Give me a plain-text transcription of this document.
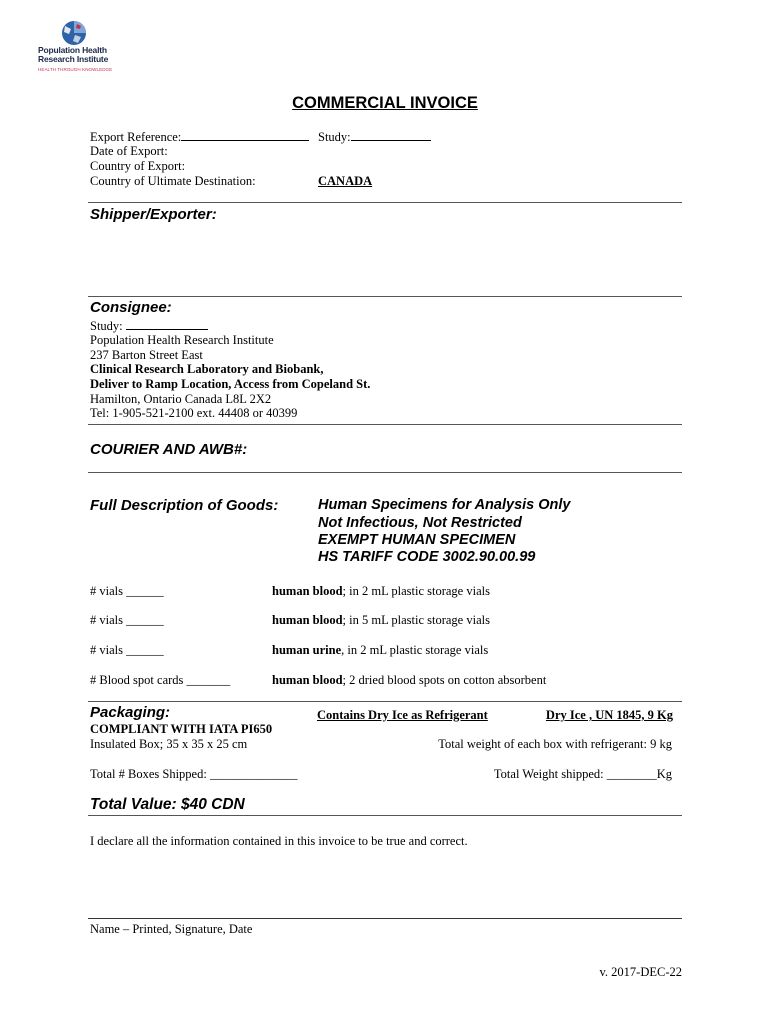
Population Health
Research Institute
HEALTH THROUGH KNOWLEDGE
COMMERCIAL INVOICE
Export Reference:	Study:
Date of Export:
Country of Export:
Country of Ultimate Destination:	CANADA
Shipper/Exporter:
Consignee:
Study:
Population Health Research Institute
237 Barton Street East
Clinical Research Laboratory and Biobank,
Deliver to Ramp Location, Access from Copeland St.
Hamilton, Ontario Canada L8L 2X2
Tel: 1-905-521-2100 ext. 44408 or 40399
COURIER AND AWB#:
Full Description of Goods:	Human Specimens for Analysis Only
Not Infectious, Not Restricted
EXEMPT HUMAN SPECIMEN
HS TARIFF CODE 3002.90.00.99
# vials ______	human blood; in 2 mL plastic storage vials
# vials ______	human blood; in 5 mL plastic storage vials
# vials ______	human urine, in 2 mL plastic storage vials
# Blood spot cards _______	human blood; 2 dried blood spots on cotton absorbent
Packaging:	Contains Dry Ice as Refrigerant	Dry Ice , UN 1845, 9 Kg
COMPLIANT WITH IATA PI650
Insulated Box; 35 x 35 x 25 cm	Total weight of each box with refrigerant: 9 kg
Total # Boxes Shipped: ______________	Total Weight shipped: ________Kg
Total Value: $40 CDN
I declare all the information contained in this invoice to be true and correct.
Name – Printed, Signature, Date
v. 2017-DEC-22
